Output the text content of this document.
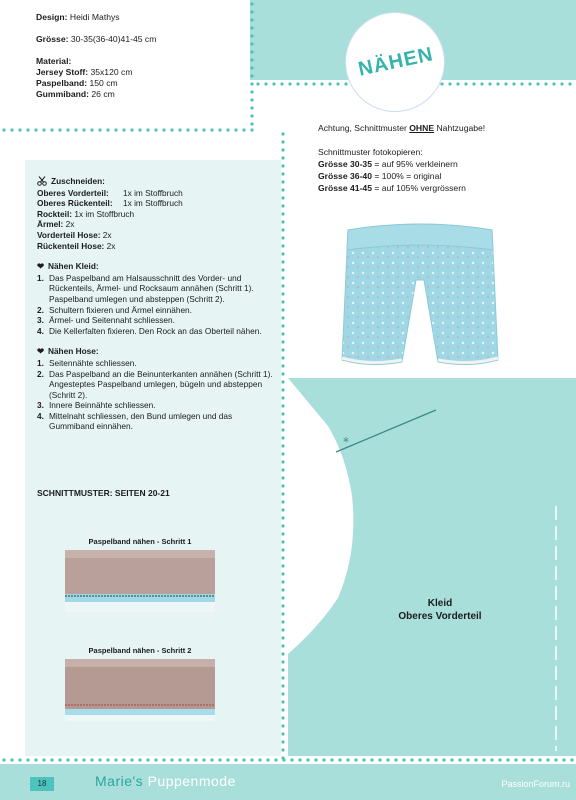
Design: Heidi Mathys
Grösse: 30-35(36-40)41-45 cm
Material:
Jersey Stoff: 35x120 cm
Paspelband: 150 cm
Gummiband: 26 cm
NÄHEN

Achtung, Schnittmuster OHNE Nahtzugabe!

Schnittmuster fotokopieren:
Grösse 30-35 = auf 95% verkleinern
Grösse 36-40 = 100% = original
Grösse 41-45 = auf 105% vergrössern
Zuschneiden:
Oberes Vorderteil:	1x im Stoffbruch
Oberes Rückenteil:	1x im Stoffbruch
Rockteil: 1x im Stoffbruch
Ärmel: 2x
Vorderteil Hose: 2x
Rückenteil Hose: 2x
❤ Nähen Kleid:
1. Das Paspelband am Halsausschnitt des Vorder- und Rückenteils, Ärmel- und Rocksaum annähen (Schritt 1). Paspelband umlegen und absteppen (Schritt 2).
2. Schultern fixieren und Ärmel einnähen.
3. Ärmel- und Seitennaht schliessen.
4. Die Kellerfalten fixieren. Den Rock an das Oberteil nähen.
❤ Nähen Hose:
1. Seitennähte schliessen.
2. Das Paspelband an die Beinunterkanten annähen (Schritt 1). Angesteptes Paspelband umlegen, bügeln und absteppen (Schritt 2).
3. Innere Beinnähte schliessen.
4. Mittelnaht schliessen, den Bund umlegen und das Gummiband einnähen.
SCHNITTMUSTER: SEITEN 20-21
Paspelband nähen - Schritt 1
Paspelband nähen - Schritt 2
*
Kleid
Oberes Vorderteil
18	Marie's Puppenmode	PassionForum.ru
